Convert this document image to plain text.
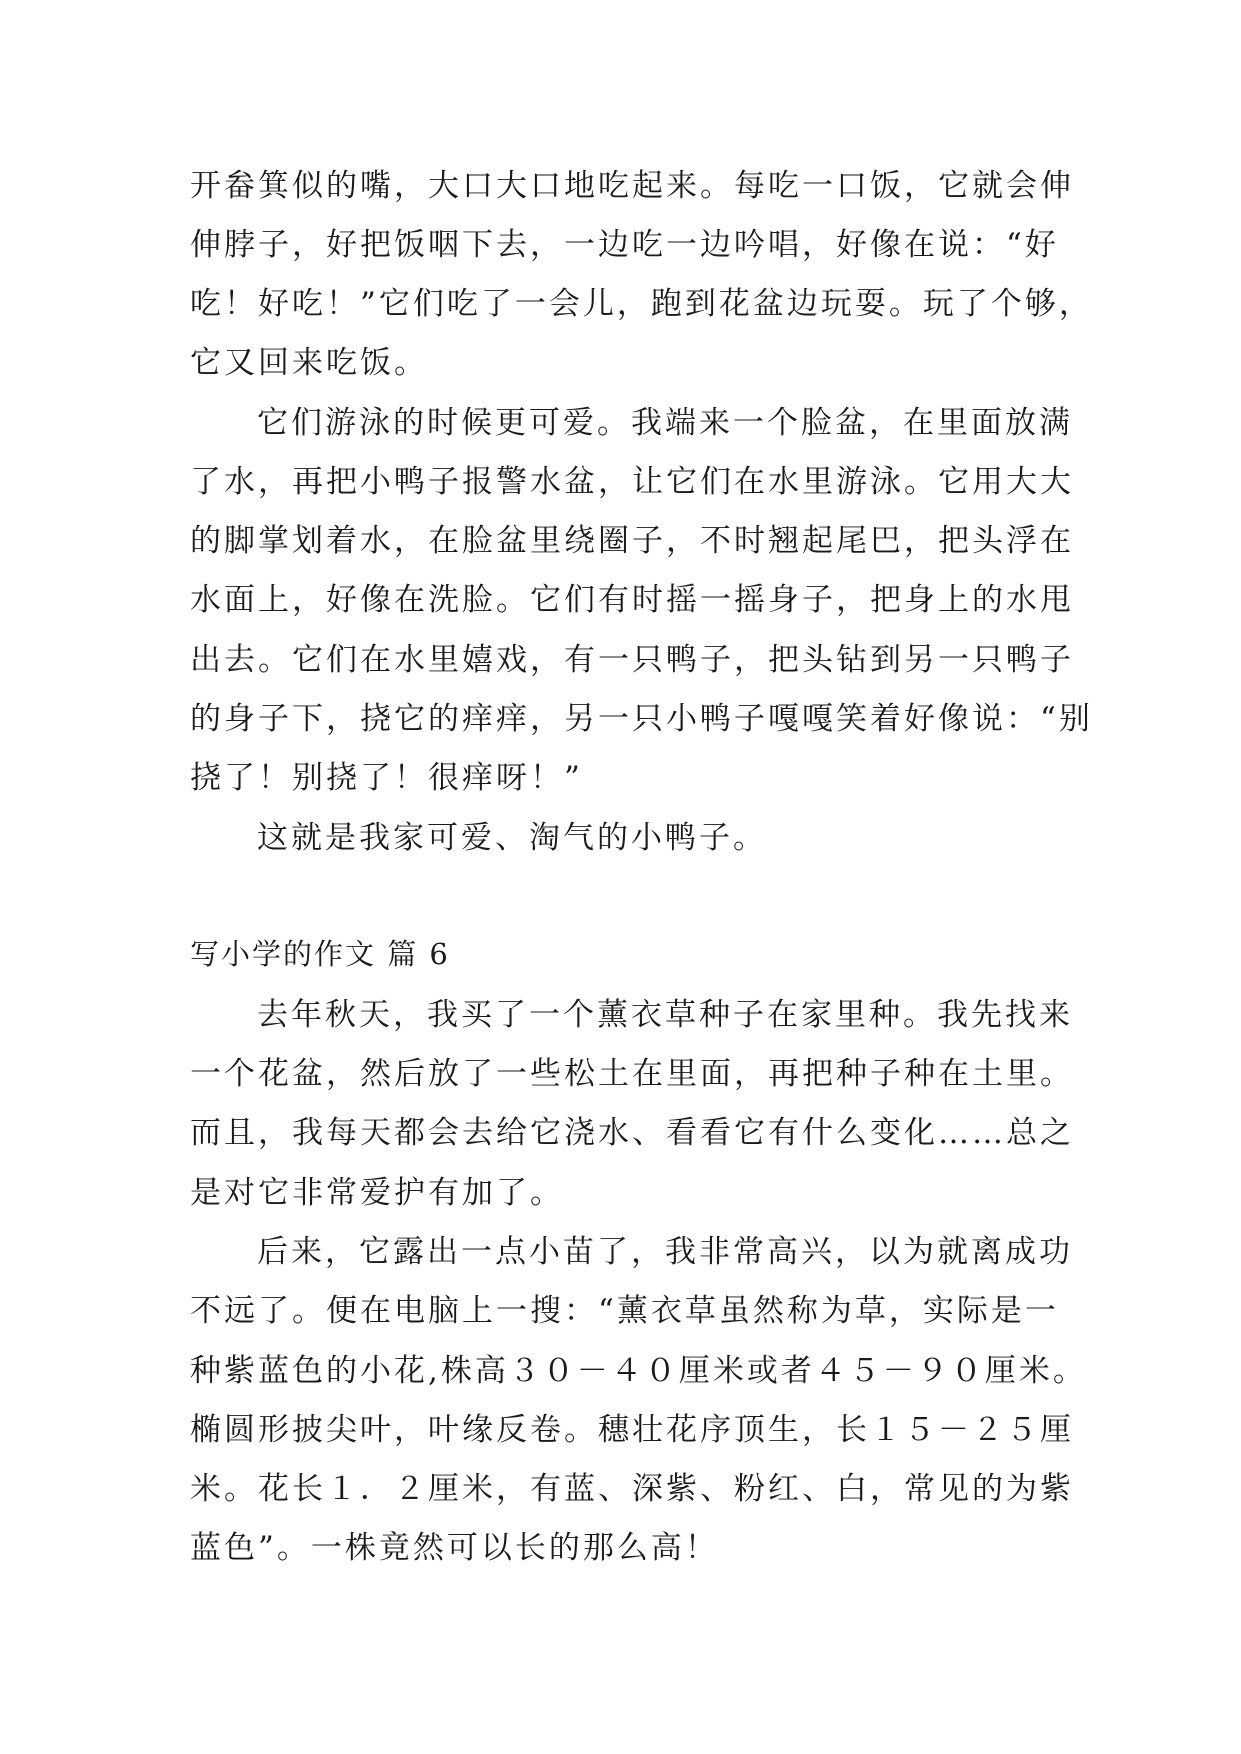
开畚箕似的嘴，大口大口地吃起来。每吃一口饭，它就会伸
伸脖子，好把饭咽下去，一边吃一边吟唱，好像在说：“好
吃！好吃！”它们吃了一会儿，跑到花盆边玩耍。玩了个够，
它又回来吃饭。
它们游泳的时候更可爱。我端来一个脸盆，在里面放满
了水，再把小鸭子报警水盆，让它们在水里游泳。它用大大
的脚掌划着水，在脸盆里绕圈子，不时翘起尾巴，把头浮在
水面上，好像在洗脸。它们有时摇一摇身子，把身上的水甩
出去。它们在水里嬉戏，有一只鸭子，把头钻到另一只鸭子
的身子下，挠它的痒痒，另一只小鸭子嘎嘎笑着好像说：“别
挠了！别挠了！很痒呀！”
这就是我家可爱、淘气的小鸭子。
写小学的作文 篇 6
去年秋天，我买了一个薰衣草种子在家里种。我先找来
一个花盆，然后放了一些松土在里面，再把种子种在土里。
而且，我每天都会去给它浇水、看看它有什么变化……总之
是对它非常爱护有加了。
后来，它露出一点小苗了，我非常高兴，以为就离成功
不远了。便在电脑上一搜：“薰衣草虽然称为草，实际是一
种紫蓝色的小花,株高３０－４０厘米或者４５－９０厘米。
椭圆形披尖叶，叶缘反卷。穗壮花序顶生，长１５－２５厘
米。花长１．２厘米，有蓝、深紫、粉红、白，常见的为紫
蓝色”。一株竟然可以长的那么高！
